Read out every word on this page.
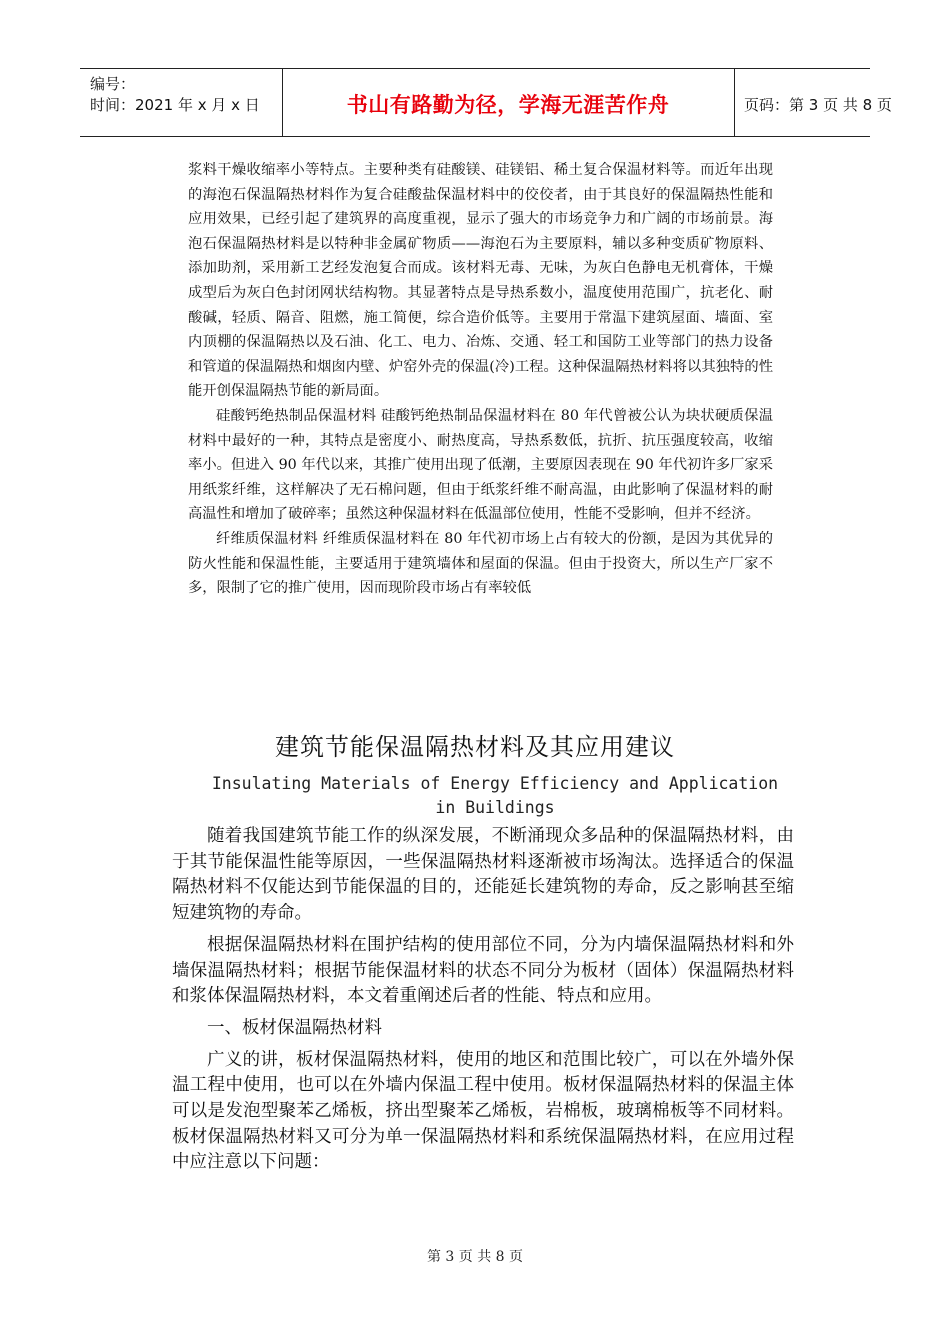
编号：
时间：2021 年 x 月 x 日	书山有路勤为径，学海无涯苦作舟	页码：第 3 页 共 8 页

浆料干燥收缩率小等特点。主要种类有硅酸镁、硅镁铝、稀土复合保温材料等。而近年出现的海泡石保温隔热材料作为复合硅酸盐保温材料中的佼佼者，由于其良好的保温隔热性能和应用效果，已经引起了建筑界的高度重视，显示了强大的市场竞争力和广阔的市场前景。海泡石保温隔热材料是以特种非金属矿物质——海泡石为主要原料，辅以多种变质矿物原料、添加助剂，采用新工艺经发泡复合而成。该材料无毒、无味，为灰白色静电无机膏体，干燥成型后为灰白色封闭网状结构物。其显著特点是导热系数小，温度使用范围广，抗老化、耐酸碱，轻质、隔音、阻燃，施工简便，综合造价低等。主要用于常温下建筑屋面、墙面、室内顶棚的保温隔热以及石油、化工、电力、冶炼、交通、轻工和国防工业等部门的热力设备和管道的保温隔热和烟囱内壁、炉窑外壳的保温(冷)工程。这种保温隔热材料将以其独特的性能开创保温隔热节能的新局面。

硅酸钙绝热制品保温材料 硅酸钙绝热制品保温材料在 80 年代曾被公认为块状硬质保温材料中最好的一种，其特点是密度小、耐热度高，导热系数低，抗折、抗压强度较高，收缩率小。但进入 90 年代以来，其推广使用出现了低潮，主要原因表现在 90 年代初许多厂家采用纸浆纤维，这样解决了无石棉问题，但由于纸浆纤维不耐高温，由此影响了保温材料的耐高温性和增加了破碎率；虽然这种保温材料在低温部位使用，性能不受影响，但并不经济。

纤维质保温材料 纤维质保温材料在 80 年代初市场上占有较大的份额，是因为其优异的防火性能和保温性能，主要适用于建筑墙体和屋面的保温。但由于投资大，所以生产厂家不多，限制了它的推广使用，因而现阶段市场占有率较低

建筑节能保温隔热材料及其应用建议
Insulating Materials of Energy Efficiency and Application in Buildings

随着我国建筑节能工作的纵深发展，不断涌现众多品种的保温隔热材料，由于其节能保温性能等原因，一些保温隔热材料逐渐被市场淘汰。选择适合的保温隔热材料不仅能达到节能保温的目的，还能延长建筑物的寿命，反之影响甚至缩短建筑物的寿命。

根据保温隔热材料在围护结构的使用部位不同，分为内墙保温隔热材料和外墙保温隔热材料；根据节能保温材料的状态不同分为板材（固体）保温隔热材料和浆体保温隔热材料，本文着重阐述后者的性能、特点和应用。

一、板材保温隔热材料

广义的讲，板材保温隔热材料，使用的地区和范围比较广，可以在外墙外保温工程中使用，也可以在外墙内保温工程中使用。板材保温隔热材料的保温主体可以是发泡型聚苯乙烯板，挤出型聚苯乙烯板，岩棉板，玻璃棉板等不同材料。板材保温隔热材料又可分为单一保温隔热材料和系统保温隔热材料，在应用过程中应注意以下问题：

第 3 页 共 8 页
